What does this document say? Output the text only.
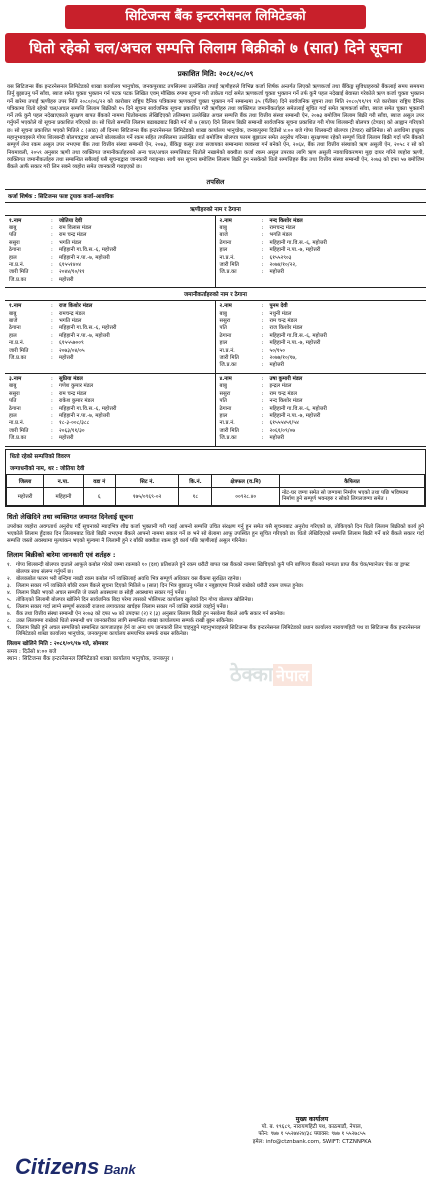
सिटिजन्स बैंक इन्टरनेसनल लिमिटेडको
धितो रहेको चल/अचल सम्पत्ति लिलाम बिक्रीको ७ (सात) दिने सूचना
प्रकाशित मिति: २०८१/०८/०९
यस सिटिजन्स बैंक इन्टरनेसनल लिमिटेडको शाखा कार्यालय भानुचोक, जनकपुरबाट तपसिलमा उल्लेखित तपाईं ऋणीहरुले विभिन्न कर्जा शिर्षक अन्तर्गत लिएको ऋणकर्जा तथा बैंकिङ्ग सुविधाहरुको बैंकलाई समय समयमा तिर्नु बुझाउनु पर्ने साँवा, ब्याज समेत चुक्ता भुक्तान गर्न पटक पटक लिखित एवम् मौखिक रुपमा सूचना गरी ताकेता गर्दा समेत ऋणकर्जा चुक्ता भुक्तान गर्ने तर्फ कुनै पहल नदेखाई बेवास्ता गरेकोले ऋण कर्जा चुक्ता भुक्तान गर्ने बारेमा तपाईं ऋणीहरु उपर मिति २०८०/०६/२२ को कारोबार राष्ट्रिय दैनिक पत्रिकामा ऋणकर्जा चुक्ता भुक्तान गर्ने सम्बन्धमा ३५ (पैंतीस) दिने सार्वजनिक सूचना तथा मिति २०८०/११/११ गते कारोबार राष्ट्रिय दैनिक पत्रिकामा धितो रहेको चल/अचल सम्पत्ति लिलाम बिक्रीको १५ दिने सूचना सार्वजनिक सूचना प्रकाशित गरी ऋणीहरु तथा व्यक्तिगत जमानीकर्ताहरु समेतलाई सूचित गर्दा समेत ऋणकर्जा साँवा, ब्याज समेत चुक्ता भुक्तानी गर्ने तर्फ कुनै पहल नदेखाएकाले सुरक्षण बापत बैंकको नाममा धितोबन्धक लेखिदिएको तलिम्बमा उल्लेखित अचल सम्पत्ति बैंक तथा वित्तीय संस्था सम्बन्धी ऐन, २०७३ बमोजिम लिलाम बिक्री गरी साँवा, ब्याज असुल उपर गर्नुपर्ने भएकोले यो सूचना प्रकाशित गरिएको छ। सो धितो सम्पत्ति लिलाम बढाबढबाट बिक्री गर्न यो ७ (सात) दिने लिलाम बिक्री सम्बन्धी सार्वजनिक सूचना प्रकाशित गरी गोप्य शिलबन्दी बोलपत्र (टेण्डर) को आह्वान गरिएको छ। सो सूचना प्रकाशित भएको मितिले ८ (आठ) औं दिनमा सिटिजन्स बैंक इन्टरनेसनल लिमिटेडको शाखा कार्यालय भानुचोक, जनकपुरमा दिउँसो ४:०० बजे गोप्य शिलबन्दी बोलपत्र (टेण्डर) खोलिनेछ। सो अवधिमा इच्छुक महानुभावहरुले गोप्य शिलबन्दी बोलपत्रद्वारा आफ्नो बोलकबोल गर्ने रकम सहित तपसिलमा उल्लेखित शर्त बमोजिम बोलपत्र फारम बुझाउन समेत अनुरोध गरिन्छ। सुरक्षणमा रहेको सम्पूर्ण धितो लिलाम बिक्री गर्दा पनि बैंकको सम्पूर्ण लेना रकम असुल उपर नभएमा बैंक तथा वित्तीय संस्था सम्बन्धी ऐन, २०७३, बैंकिङ्ग कसुर तथा सजायका सम्बन्धमा व्यवस्था गर्न बनेको ऐन, २०६४, बैंक तथा वित्तीय संस्थाको ऋण असुली ऐन, २०५८ र सो को नियमावली, २०५९ अनुसार ऋणी तथा व्यक्तिगत जमानीकर्ताहरुको अन्य चल/अचल सम्पत्तिबाट धितोले नखामेको बक्यौता कर्जा रकम असुल उपरका लागि ऋण असुली न्यायाधिकरणमा मुद्दा दायर गरिने व्यहोरा ऋणी, व्यक्तिगत जमानीकर्ताहरु तथा सम्बन्धित सबैलाई यसै सूचनाद्वारा जानकारी गराइन्छ। साथै यस सूचना बमोजिम लिलाम बिक्री हुन नसकेको धितो सम्पत्तिहरु बैंक तथा वित्तीय संस्था सम्बन्धी ऐन, २०७३ को दफा ५७ बमोजिम बैंकले आफैं सकार गरी लिन सक्ने व्यहोरा समेत जानकारी गराइएको छ।
तपसिल
कर्जा शिर्षक : सिटिजन्स फाष्ट ट्र्याक कर्जा–आवधिक
ऋणीहरुको नाम र ठेगाना
१.नाम	:	जोतिया देवी
बाबु	:	राम विलास मंडल
पति	:	राम चन्द्र मंडल
ससुरा	:	भगति मंडल
ठेगाना	:	महिहानी गा.वि.स.-६, महोत्तरी
हाल	:	महिहानी न.पा.-७, महोत्तरी
ना.प्र.नं.	:	६१५५१४०४
जारी मिति	:	२०४४/१०/११
जि.प्र.का	:	महोत्तरी
२.नाम	:	नन्द किशोर मंडल
बाबु	:	रामचन्द्र मंडल
बाजे	:	भगति मंडल
ठेगाना	:	महिहानी गा.वि.स.-६, महोत्तरी
हाल	:	महिहानी न.पा.-७, महोत्तरी
ना.प्र.नं.	:	६१५५२९०३
जारी मिति	:	२०७४/१०/२२,
जि.प्र.का	:	महोत्तरी
जमानीकर्ताहरुको नाम र ठेगाना
१.नाम	:	राज किशोर मंडल
बाबु	:	रामचन्द्र मंडल
बाजे	:	भगति मंडल
ठेगाना	:	महिहानी गा.वि.स.-६, महोत्तरी
हाल	:	महिहानी न.पा.-७, महोत्तरी
ना.प्र.नं.	:	६१५५५७००९
जारी मिति	:	२०७३/०४/०५
जि.प्र.का	:	महोत्तरी
२.नाम	:	पुनम देवी
बाबु	:	नथुनी मंडल
ससुरा	:	राम चन्द्र मंडल
पति	:	राज किशोर मंडल
ठेगाना	:	महिहानी गा.वि.स.-६, महोत्तरी
हाल	:	महिहानी न.पा.-७, महोत्तरी
ना.प्र.नं.	:	५०/१५०
जारी मिति	:	२०७७/१०/१७,
जि.प्र.का	:	महोत्तरी
३.नाम	:	सुप्रिया मंडल
बाबु	:	गणेश कुमार मंडल
ससुरा	:	राम चन्द्र मंडल
पति	:	राकेश कुमार मंडल
ठेगाना	:	महिहानी गा.वि.स.-६, महोत्तरी
हाल	:	महिहानी न.पा.-७, महोत्तरी
ना.प्र.नं.	:	१८-३-००८/३८८
जारी मिति	:	२०६३/११/३०
जि.प्र.का	:	महोत्तरी
४.नाम	:	उषा कुमारी मंडल
बाबु	:	इन्द्रल मंडल
ससुरा	:	राम चन्द्र मंडल
पति	:	नन्द किशोर मंडल
ठेगाना	:	महिहानी गा.वि.स.-६, महोत्तरी
हाल	:	महिहानी न.पा.-७, महोत्तरी
ना.प्र.नं.	:	६१५५५४५१/५४
जारी मिति	:	२०६१/०९/०७
जि.प्र.का	:	महोत्तरी
धितो रहेको सम्पत्तिको विवरण
जग्गाधनीको नाम, थर : जोतिया देवी
जिल्ला	न.पा.	वडा नं	सिट नं.	कि.नं.	क्षेत्रफल (व.मि)	कैफियत
महोत्तरी	महिहानी	६	१७५/०९६९-०२	१८	००९२८.४०	नोट-घर जग्गा समेत सो जग्गामा निर्माण भएको तथा पछि भविष्यमा निर्माण हुने सम्पूर्ण भवनहरु र सोको लिगलजग्गा समेत ।
धितो लेखिदिने तथा व्यक्तिगत जमानत दिनेलाई सूचना
उपरोक्त व्यहोरा अवगतार्थ अनुरोध गर्दै सूचनाको म्यादभित्र शीघ्र कर्जा भुक्तानी गरी गराई आफ्नो सम्पत्ति उचित संरक्षण गर्नु हुन समेत यसै सूचनाबाट अनुरोध गरिएको छ, तोकिएको दिन धितो लिलाम बिक्रीको कार्य हुने भएकोले लिलाम हुँदाका दिन लिलामबाट धितो बिक्री नभएमा बैंकले आफ्नो नाममा सकार गर्ने छ भने सो बेलामा आफू उपस्थित हुन सूचित गरिएको छ। धितो लेखिदिएको सम्पत्ति लिलाम बिक्री गर्ने बारे बैंकले सकार गर्दा सम्पत्ति जस्तो अवस्थामा मूल्यांकन भएको मूल्यमा नै लिलामी हुने र बाँकी बक्यौता रकम दुवै कार्य पछि ऋणीलाई असुल गरिनेछ।
लिलाम बिक्रीको बारेमा जानकारी एवं शर्तहरु :
१. गोप्य शिलबन्दी बोलपत्र दाताले आफूले कबोल गरेको जम्मा रकमको १० (दश) प्रतिशतले हुने रकम धरौटी बापत यस बैंकको नाममा खिचिएको कुनै पनि बाणिज्य बैंकको मान्यता प्राप्त बैंक चेक/म्यानेजर चेक वा ड्राफ्ट बोलपत्र साथ संलग्न गर्नुपर्ने छ।
२. बोलकबोल फारम भरी बन्दिमा नबढी रकम कबोल गर्ने व्यक्तिलाई अवधि भित्र सम्पूर्ण अधिकार यस बैंकमा सुरक्षित रहनेछ।
३. लिलाम सकार गर्ने व्यक्तिले बाँकी रकम बैंकले सूचना दिएको मितिले ७ (सात) दिन भित्र बुझाउनु पर्नेछ र नबुझाएमा निजले राखेको धरौटी रकम जफत हुनेछ।
४. लिलाम बिक्री भएको अचल सम्पत्ति जे जस्तो अवस्थामा छ सोही अवस्थामा सकार गर्नु पर्नेछ।
५. तोकिएको लिलामी बोलपत्र खोलिने दिन सार्वजनिक बिदा परेमा त्यसको भोलिपल्ट कार्यालय खुलेको दिन गोप्य बोलपत्र खोलिनेछ।
६. लिलाम सकार गर्दा लाग्ने सम्पूर्ण सरकारी राजश्व लगायतका खर्चहरु लिलाम सकार गर्ने व्यक्ति स्वयंले व्यहोर्नु पर्नेछ।
७. बैंक तथा वित्तीय संस्था सम्बन्धी ऐन २०७३ को दफा ५७ को उपदफा (२) र (३) अनुसार लिलाम बिक्री हुन नसकेमा बैंकले आफैं सकार गर्न सक्नेछ।
८. उक्त लिलाममा राखेको धितो सम्बन्धी थप जानकारीका लागि सम्बन्धित शाखा कार्यालयमा सम्पर्क राखी बुझ्न सकिनेछ।
९. लिलाम बिक्री हुने अचल सम्पत्तिको सम्बन्धित कागजातहरु हेर्न वा अन्य थप जानकारी लिन चाहनुहुने महानुभावहरुले सिटिजन्स बैंक इन्टरनेसनल लिमिटेडको प्रधान कार्यालय नारायणहिटी पथ वा सिटिजन्स बैंक इन्टरनेसनल लिमिटेडको शाखा कार्यालय भानुचोक, जनकपुरमा कार्यालय समयभित्र सम्पर्क राख्न सकिनेछ।
लिलाम खोलिने मिति : २०८१/०९/१७ गते, सोमबार
समय : दिउँसो ४:०० बजे
स्थान : सिटिजन्स बैंक इन्टरनेसनल लिमिटेडको शाखा कार्यालय भानुचोक, जनकपुर ।
ठेक्का नेपाल
Citizens Bank
मुख्य कार्यालय
पो. ब. १९६८९, नारायणहिटी पथ, काठमाडौं, नेपाल,
फोन: ९७७ १ ५५२७४२४/३८ फ्याक्स: ९७७ १ ५५२७८५५
इमेल: info@ctznbank.com, SWIFT: CTZNNPKA
